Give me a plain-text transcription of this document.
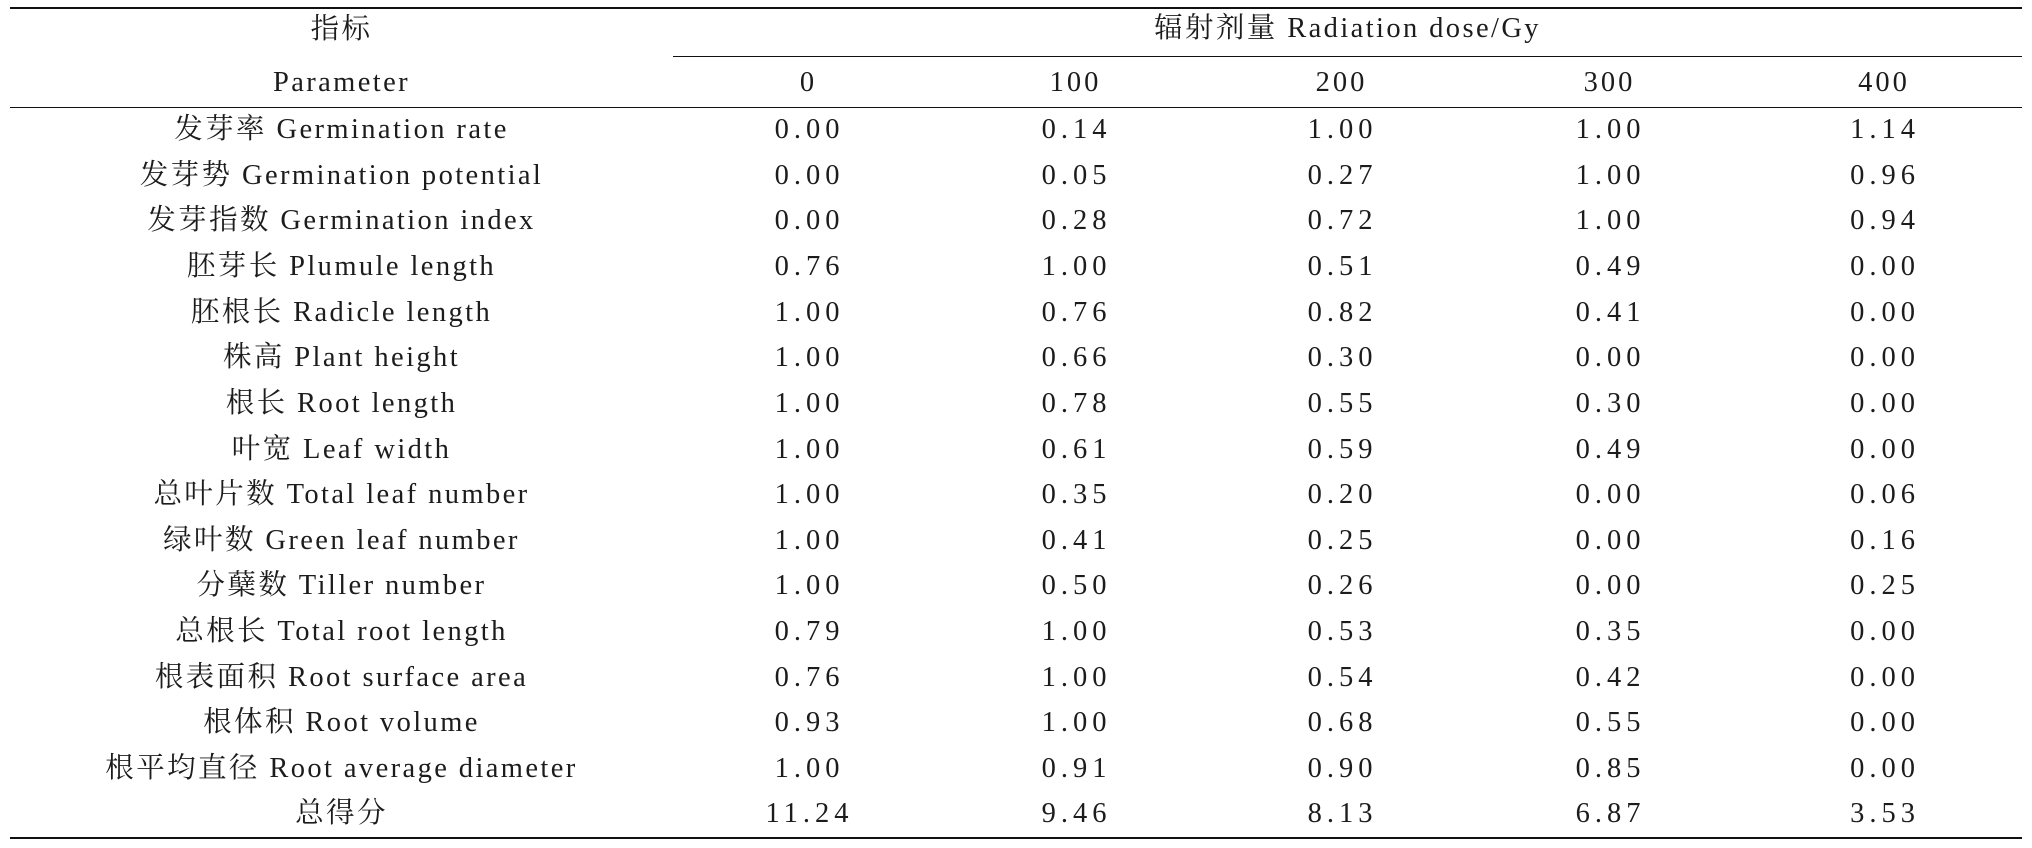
指标	辐射剂量 Radiation dose/Gy				
Parameter	0	100	200	300	400
发芽率 Germination rate	0.00	0.14	1.00	1.00	1.14
发芽势 Germination potential	0.00	0.05	0.27	1.00	0.96
发芽指数 Germination index	0.00	0.28	0.72	1.00	0.94
胚芽长 Plumule length	0.76	1.00	0.51	0.49	0.00
胚根长 Radicle length	1.00	0.76	0.82	0.41	0.00
株高 Plant height	1.00	0.66	0.30	0.00	0.00
根长 Root length	1.00	0.78	0.55	0.30	0.00
叶宽 Leaf width	1.00	0.61	0.59	0.49	0.00
总叶片数 Total leaf number	1.00	0.35	0.20	0.00	0.06
绿叶数 Green leaf number	1.00	0.41	0.25	0.00	0.16
分蘖数 Tiller number	1.00	0.50	0.26	0.00	0.25
总根长 Total root length	0.79	1.00	0.53	0.35	0.00
根表面积 Root surface area	0.76	1.00	0.54	0.42	0.00
根体积 Root volume	0.93	1.00	0.68	0.55	0.00
根平均直径 Root average diameter	1.00	0.91	0.90	0.85	0.00
总得分	11.24	9.46	8.13	6.87	3.53
